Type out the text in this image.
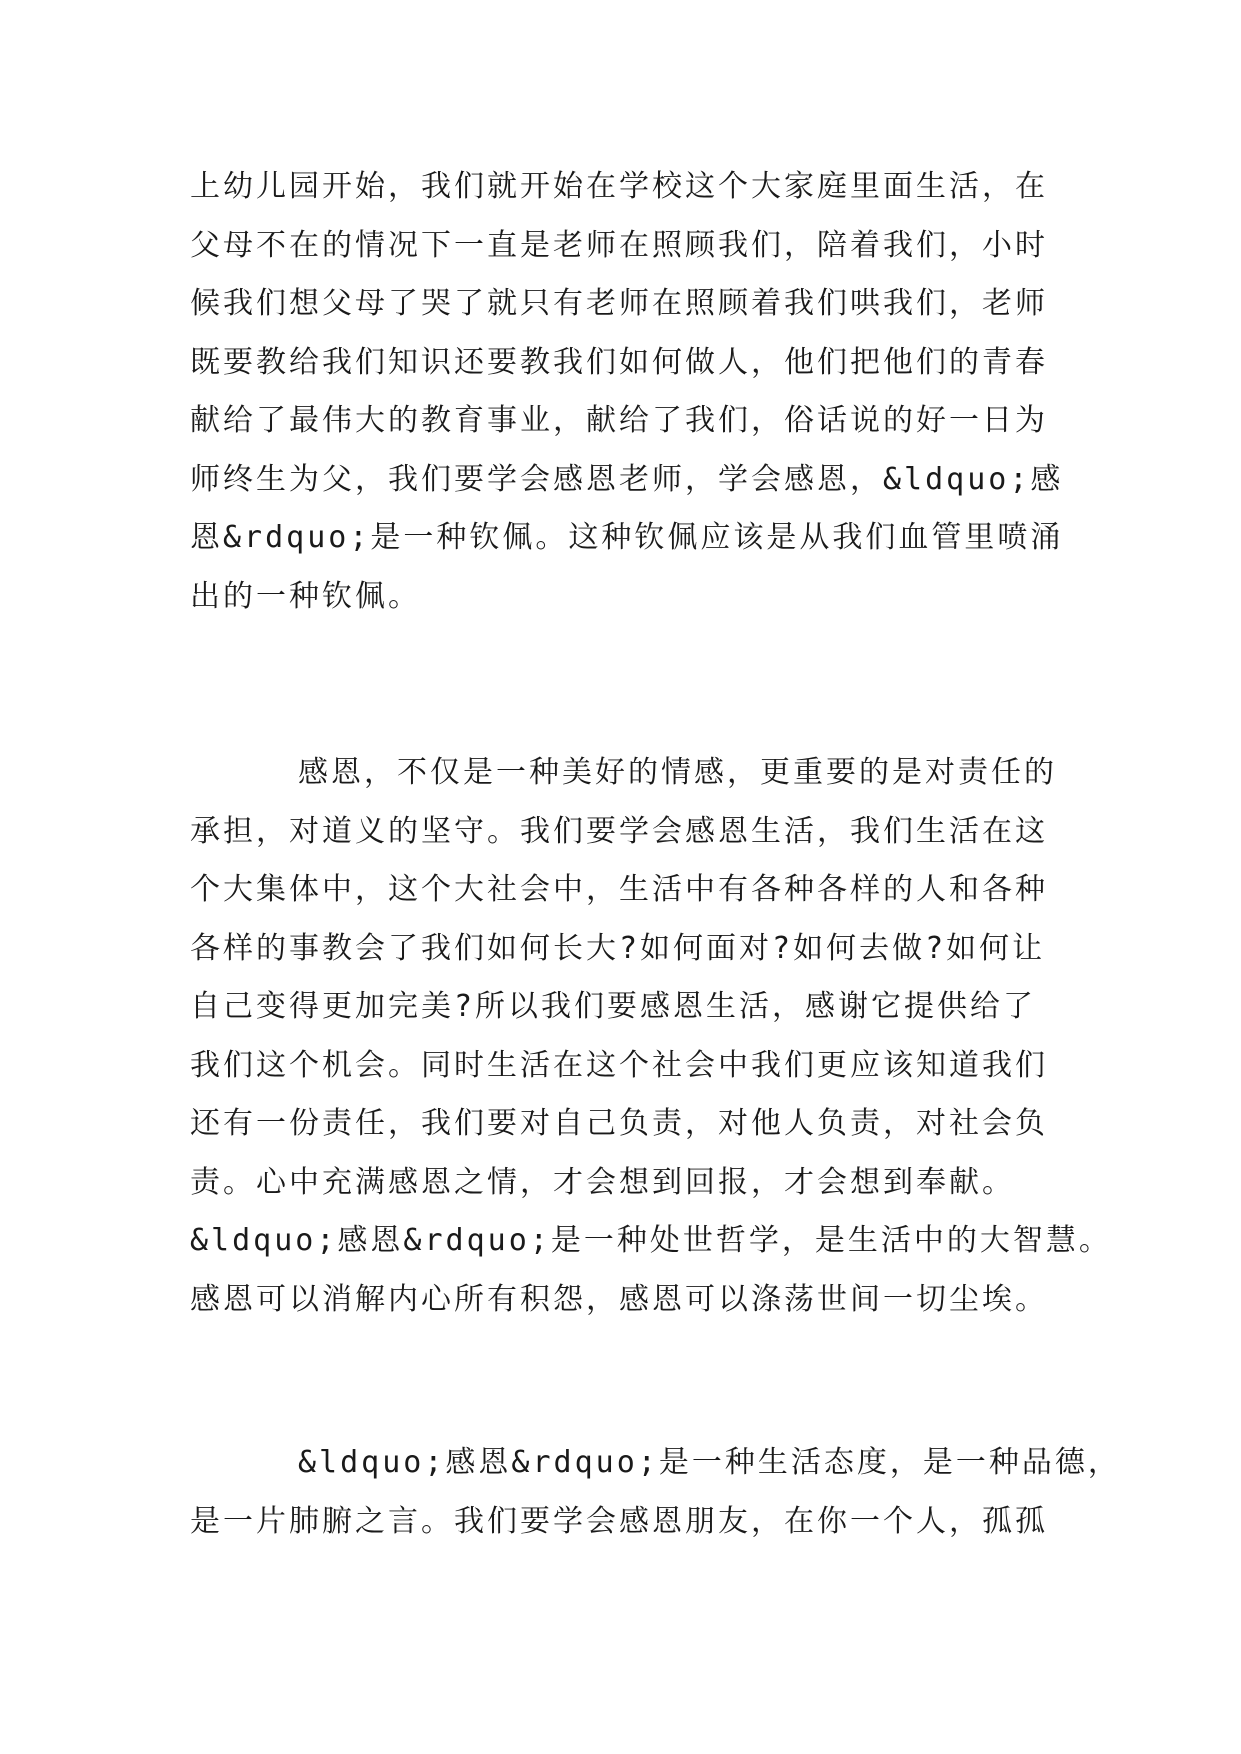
上幼儿园开始，我们就开始在学校这个大家庭里面生活，在
父母不在的情况下一直是老师在照顾我们，陪着我们，小时
候我们想父母了哭了就只有老师在照顾着我们哄我们，老师
既要教给我们知识还要教我们如何做人，他们把他们的青春
献给了最伟大的教育事业，献给了我们，俗话说的好一日为
师终生为父，我们要学会感恩老师，学会感恩，&ldquo;感
恩&rdquo;是一种钦佩。这种钦佩应该是从我们血管里喷涌
出的一种钦佩。

感恩，不仅是一种美好的情感，更重要的是对责任的
承担，对道义的坚守。我们要学会感恩生活，我们生活在这
个大集体中，这个大社会中，生活中有各种各样的人和各种
各样的事教会了我们如何长大?如何面对?如何去做?如何让
自己变得更加完美?所以我们要感恩生活，感谢它提供给了
我们这个机会。同时生活在这个社会中我们更应该知道我们
还有一份责任，我们要对自己负责，对他人负责，对社会负
责。心中充满感恩之情，才会想到回报，才会想到奉献。
&ldquo;感恩&rdquo;是一种处世哲学，是生活中的大智慧。
感恩可以消解内心所有积怨，感恩可以涤荡世间一切尘埃。

&ldquo;感恩&rdquo;是一种生活态度，是一种品德，
是一片肺腑之言。我们要学会感恩朋友，在你一个人，孤孤
